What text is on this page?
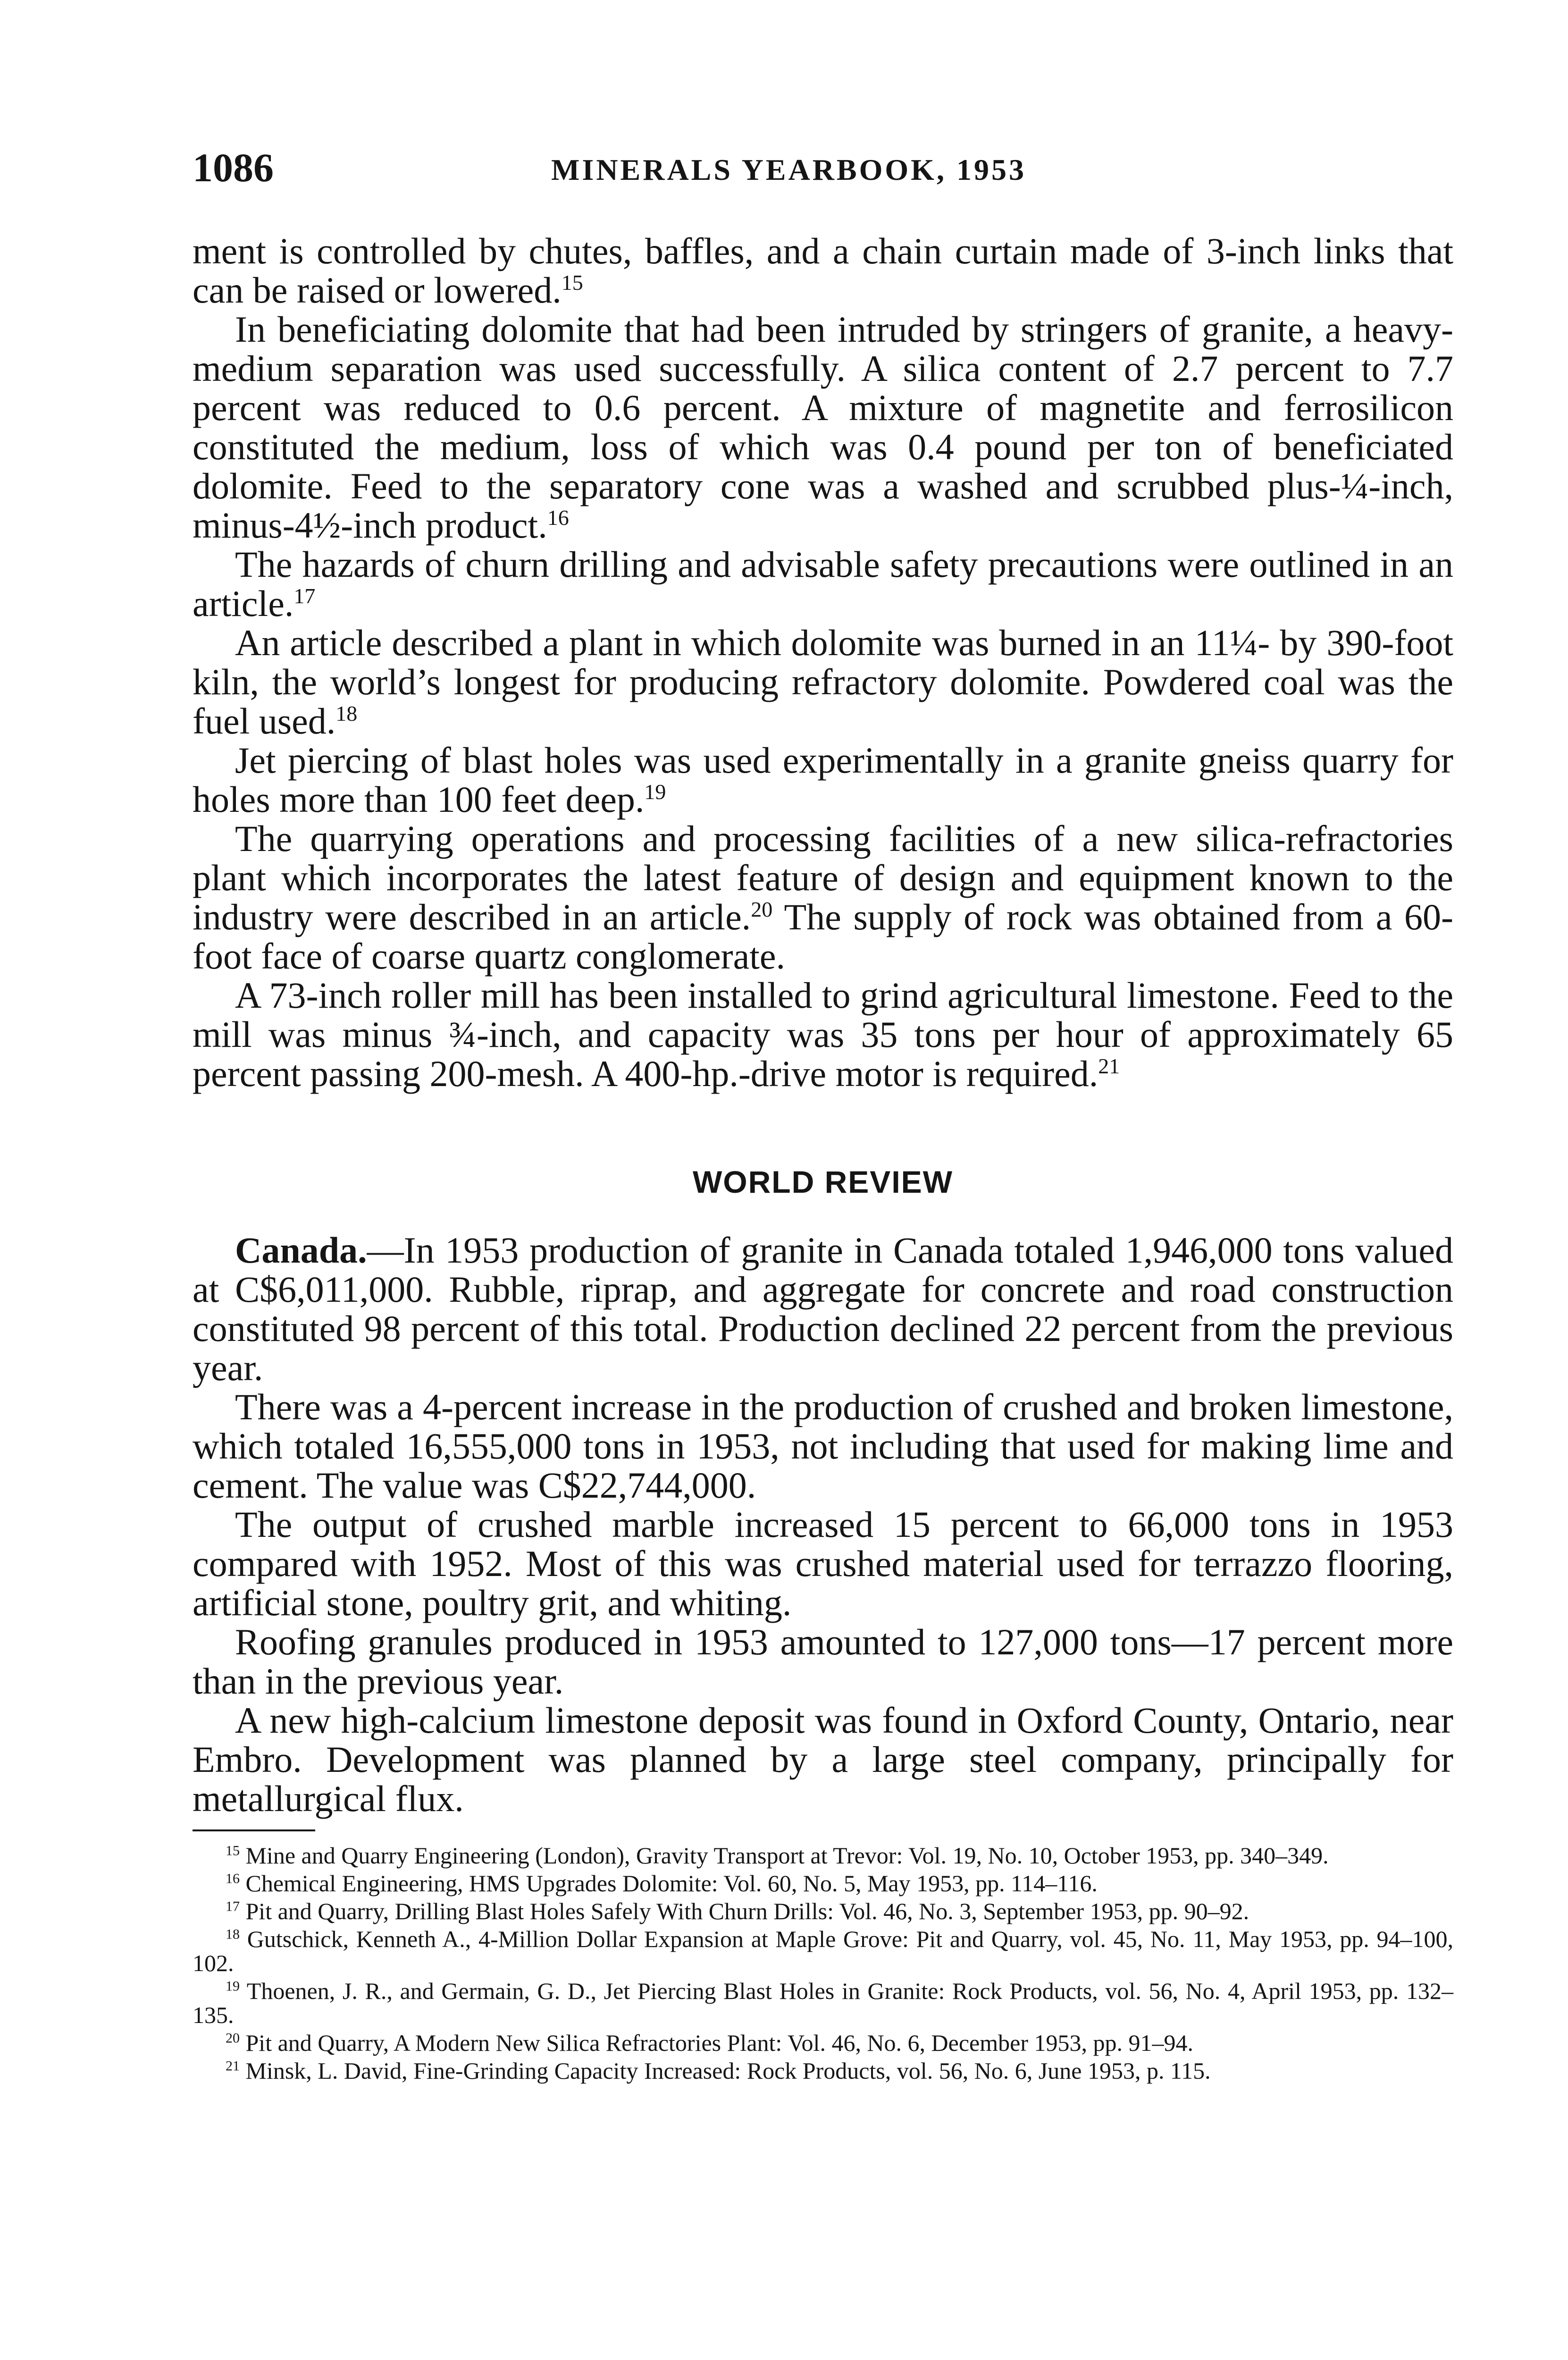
1086	MINERALS YEARBOOK, 1953

ment is controlled by chutes, baffles, and a chain curtain made of 3-inch links that can be raised or lowered.$^{15}$

In beneficiating dolomite that had been intruded by stringers of granite, a heavy-medium separation was used successfully. A silica content of 2.7 percent to 7.7 percent was reduced to 0.6 percent. A mixture of magnetite and ferrosilicon constituted the medium, loss of which was 0.4 pound per ton of beneficiated dolomite. Feed to the separatory cone was a washed and scrubbed plus-¼-inch, minus-4½-inch product.$^{16}$

The hazards of churn drilling and advisable safety precautions were outlined in an article.$^{17}$

An article described a plant in which dolomite was burned in an 11¼- by 390-foot kiln, the world’s longest for producing refractory dolomite. Powdered coal was the fuel used.$^{18}$

Jet piercing of blast holes was used experimentally in a granite gneiss quarry for holes more than 100 feet deep.$^{19}$

The quarrying operations and processing facilities of a new silica-refractories plant which incorporates the latest feature of design and equipment known to the industry were described in an article.$^{20}$ The supply of rock was obtained from a 60-foot face of coarse quartz conglomerate.

A 73-inch roller mill has been installed to grind agricultural limestone. Feed to the mill was minus ¾-inch, and capacity was 35 tons per hour of approximately 65 percent passing 200-mesh. A 400-hp.-drive motor is required.$^{21}$

WORLD REVIEW

Canada.—In 1953 production of granite in Canada totaled 1,946,000 tons valued at C$6,011,000. Rubble, riprap, and aggregate for concrete and road construction constituted 98 percent of this total. Production declined 22 percent from the previous year.

There was a 4-percent increase in the production of crushed and broken limestone, which totaled 16,555,000 tons in 1953, not including that used for making lime and cement. The value was C$22,744,000.

The output of crushed marble increased 15 percent to 66,000 tons in 1953 compared with 1952. Most of this was crushed material used for terrazzo flooring, artificial stone, poultry grit, and whiting.

Roofing granules produced in 1953 amounted to 127,000 tons—17 percent more than in the previous year.

A new high-calcium limestone deposit was found in Oxford County, Ontario, near Embro. Development was planned by a large steel company, principally for metallurgical flux.

$^{15}$ Mine and Quarry Engineering (London), Gravity Transport at Trevor: Vol. 19, No. 10, October 1953, pp. 340–349.

$^{16}$ Chemical Engineering, HMS Upgrades Dolomite: Vol. 60, No. 5, May 1953, pp. 114–116.

$^{17}$ Pit and Quarry, Drilling Blast Holes Safely With Churn Drills: Vol. 46, No. 3, September 1953, pp. 90–92.

$^{18}$ Gutschick, Kenneth A., 4-Million Dollar Expansion at Maple Grove: Pit and Quarry, vol. 45, No. 11, May 1953, pp. 94–100, 102.

$^{19}$ Thoenen, J. R., and Germain, G. D., Jet Piercing Blast Holes in Granite: Rock Products, vol. 56, No. 4, April 1953, pp. 132–135.

$^{20}$ Pit and Quarry, A Modern New Silica Refractories Plant: Vol. 46, No. 6, December 1953, pp. 91–94.

$^{21}$ Minsk, L. David, Fine-Grinding Capacity Increased: Rock Products, vol. 56, No. 6, June 1953, p. 115.
